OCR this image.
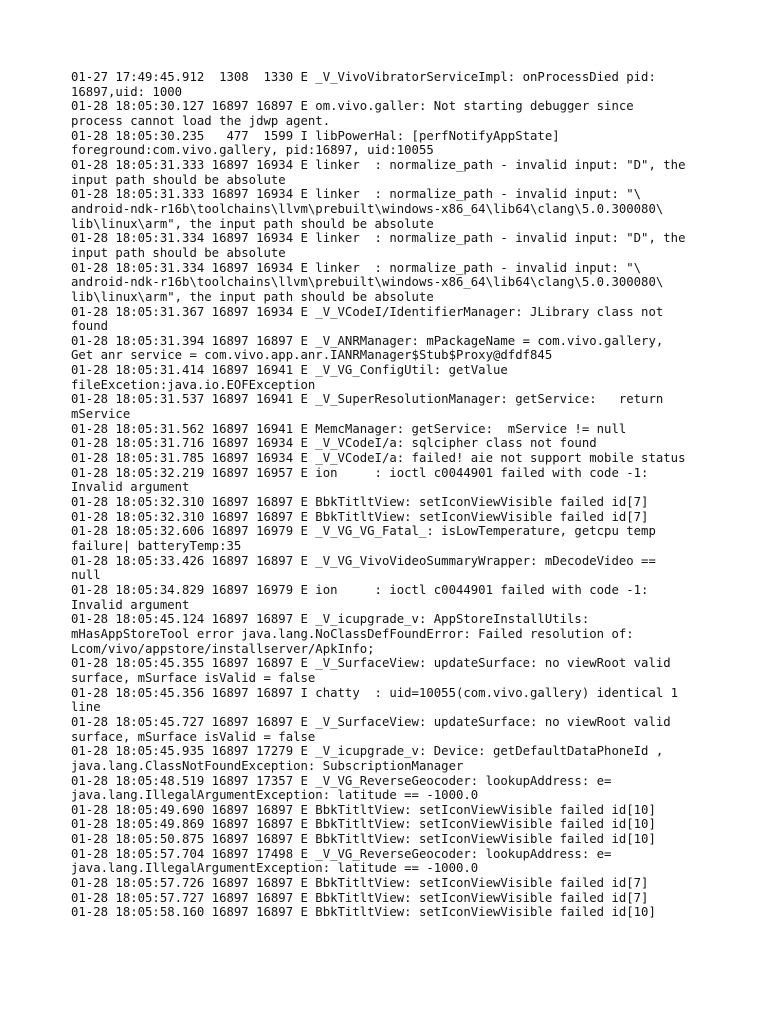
01-27 17:49:45.912  1308  1330 E _V_VivoVibratorServiceImpl: onProcessDied pid:
16897,uid: 1000
01-28 18:05:30.127 16897 16897 E om.vivo.galler: Not starting debugger since
process cannot load the jdwp agent.
01-28 18:05:30.235   477  1599 I libPowerHal: [perfNotifyAppState]
foreground:com.vivo.gallery, pid:16897, uid:10055
01-28 18:05:31.333 16897 16934 E linker  : normalize_path - invalid input: "D", the
input path should be absolute
01-28 18:05:31.333 16897 16934 E linker  : normalize_path - invalid input: "\
android-ndk-r16b\toolchains\llvm\prebuilt\windows-x86_64\lib64\clang\5.0.300080\
lib\linux\arm", the input path should be absolute
01-28 18:05:31.334 16897 16934 E linker  : normalize_path - invalid input: "D", the
input path should be absolute
01-28 18:05:31.334 16897 16934 E linker  : normalize_path - invalid input: "\
android-ndk-r16b\toolchains\llvm\prebuilt\windows-x86_64\lib64\clang\5.0.300080\
lib\linux\arm", the input path should be absolute
01-28 18:05:31.367 16897 16934 E _V_VCodeI/IdentifierManager: JLibrary class not
found
01-28 18:05:31.394 16897 16897 E _V_ANRManager: mPackageName = com.vivo.gallery,
Get anr service = com.vivo.app.anr.IANRManager$Stub$Proxy@dfdf845
01-28 18:05:31.414 16897 16941 E _V_VG_ConfigUtil: getValue
fileExcetion:java.io.EOFException
01-28 18:05:31.537 16897 16941 E _V_SuperResolutionManager: getService:   return
mService
01-28 18:05:31.562 16897 16941 E MemcManager: getService:  mService != null
01-28 18:05:31.716 16897 16934 E _V_VCodeI/a: sqlcipher class not found
01-28 18:05:31.785 16897 16934 E _V_VCodeI/a: failed! aie not support mobile status
01-28 18:05:32.219 16897 16957 E ion     : ioctl c0044901 failed with code -1:
Invalid argument
01-28 18:05:32.310 16897 16897 E BbkTitltView: setIconViewVisible failed id[7]
01-28 18:05:32.310 16897 16897 E BbkTitltView: setIconViewVisible failed id[7]
01-28 18:05:32.606 16897 16979 E _V_VG_VG_Fatal_: isLowTemperature, getcpu temp
failure| batteryTemp:35
01-28 18:05:33.426 16897 16897 E _V_VG_VivoVideoSummaryWrapper: mDecodeVideo ==
null
01-28 18:05:34.829 16897 16979 E ion     : ioctl c0044901 failed with code -1:
Invalid argument
01-28 18:05:45.124 16897 16897 E _V_icupgrade_v: AppStoreInstallUtils:
mHasAppStoreTool error java.lang.NoClassDefFoundError: Failed resolution of:
Lcom/vivo/appstore/installserver/ApkInfo;
01-28 18:05:45.355 16897 16897 E _V_SurfaceView: updateSurface: no viewRoot valid
surface, mSurface isValid = false
01-28 18:05:45.356 16897 16897 I chatty  : uid=10055(com.vivo.gallery) identical 1
line
01-28 18:05:45.727 16897 16897 E _V_SurfaceView: updateSurface: no viewRoot valid
surface, mSurface isValid = false
01-28 18:05:45.935 16897 17279 E _V_icupgrade_v: Device: getDefaultDataPhoneId ,
java.lang.ClassNotFoundException: SubscriptionManager
01-28 18:05:48.519 16897 17357 E _V_VG_ReverseGeocoder: lookupAddress: e=
java.lang.IllegalArgumentException: latitude == -1000.0
01-28 18:05:49.690 16897 16897 E BbkTitltView: setIconViewVisible failed id[10]
01-28 18:05:49.869 16897 16897 E BbkTitltView: setIconViewVisible failed id[10]
01-28 18:05:50.875 16897 16897 E BbkTitltView: setIconViewVisible failed id[10]
01-28 18:05:57.704 16897 17498 E _V_VG_ReverseGeocoder: lookupAddress: e=
java.lang.IllegalArgumentException: latitude == -1000.0
01-28 18:05:57.726 16897 16897 E BbkTitltView: setIconViewVisible failed id[7]
01-28 18:05:57.727 16897 16897 E BbkTitltView: setIconViewVisible failed id[7]
01-28 18:05:58.160 16897 16897 E BbkTitltView: setIconViewVisible failed id[10]
